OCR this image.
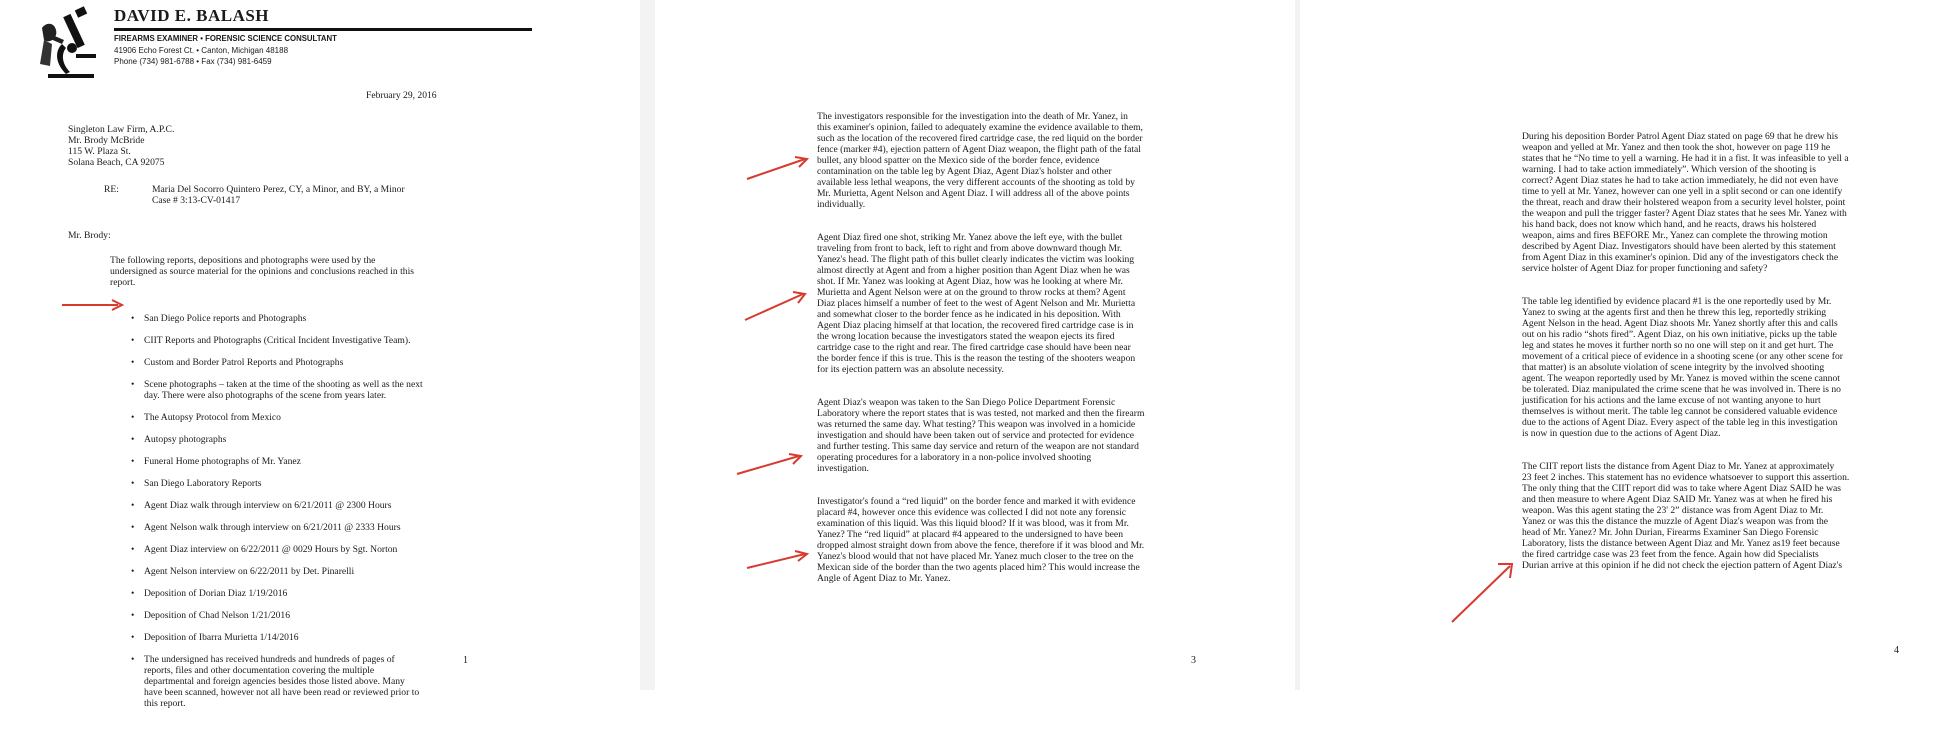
DAVID E. BALASH
FIREARMS EXAMINER • FORENSIC SCIENCE CONSULTANT
41906 Echo Forest Ct. • Canton, Michigan 48188
Phone (734) 981-6788 • Fax (734) 981-6459
February 29, 2016
Singleton Law Firm, A.P.C.
Mr. Brody McBride
115 W. Plaza St.
Solana Beach, CA 92075
RE:	Maria Del Socorro Quintero Perez, CY, a Minor, and BY, a Minor
Case # 3:13-CV-01417
Mr. Brody:
The following reports, depositions and photographs were used by the
undersigned as source material for the opinions and conclusions reached in this
report.

• San Diego Police reports and Photographs

• CIIT Reports and Photographs (Critical Incident Investigative Team).

• Custom and Border Patrol Reports and Photographs

• Scene photographs – taken at the time of the shooting as well as the next
day. There were also photographs of the scene from years later.

• The Autopsy Protocol from Mexico

• Autopsy photographs

• Funeral Home photographs of Mr. Yanez

• San Diego Laboratory Reports

• Agent Diaz walk through interview on 6/21/2011 @ 2300 Hours

• Agent Nelson walk through interview on 6/21/2011 @ 2333 Hours

• Agent Diaz interview on 6/22/2011 @ 0029 Hours by Sgt. Norton

• Agent Nelson interview on 6/22/2011 by Det. Pinarelli

• Deposition of Dorian Diaz 1/19/2016

• Deposition of Chad Nelson 1/21/2016

• Deposition of Ibarra Murietta 1/14/2016

• The undersigned has received hundreds and hundreds of pages of
reports, files and other documentation covering the multiple
departmental and foreign agencies besides those listed above. Many
have been scanned, however not all have been read or reviewed prior to
this report.

1

The investigators responsible for the investigation into the death of Mr. Yanez, in
this examiner's opinion, failed to adequately examine the evidence available to them,
such as the location of the recovered fired cartridge case, the red liquid on the border
fence (marker #4), ejection pattern of Agent Diaz weapon, the flight path of the fatal
bullet, any blood spatter on the Mexico side of the border fence, evidence
contamination on the table leg by Agent Diaz, Agent Diaz's holster and other
available less lethal weapons, the very different accounts of the shooting as told by
Mr. Murietta, Agent Nelson and Agent Diaz. I will address all of the above points
individually.

Agent Diaz fired one shot, striking Mr. Yanez above the left eye, with the bullet
traveling from front to back, left to right and from above downward though Mr.
Yanez's head. The flight path of this bullet clearly indicates the victim was looking
almost directly at Agent and from a higher position than Agent Diaz when he was
shot. If Mr. Yanez was looking at Agent Diaz, how was he looking at where Mr.
Murietta and Agent Nelson were at on the ground to throw rocks at them? Agent
Diaz places himself a number of feet to the west of Agent Nelson and Mr. Murietta
and somewhat closer to the border fence as he indicated in his deposition. With
Agent Diaz placing himself at that location, the recovered fired cartridge case is in
the wrong location because the investigators stated the weapon ejects its fired
cartridge case to the right and rear. The fired cartridge case should have been near
the border fence if this is true. This is the reason the testing of the shooters weapon
for its ejection pattern was an absolute necessity.

Agent Diaz's weapon was taken to the San Diego Police Department Forensic
Laboratory where the report states that is was tested, not marked and then the firearm
was returned the same day. What testing? This weapon was involved in a homicide
investigation and should have been taken out of service and protected for evidence
and further testing. This same day service and return of the weapon are not standard
operating procedures for a laboratory in a non-police involved shooting
investigation.

Investigator's found a “red liquid” on the border fence and marked it with evidence
placard #4, however once this evidence was collected I did not note any forensic
examination of this liquid. Was this liquid blood? If it was blood, was it from Mr.
Yanez? The “red liquid” at placard #4 appeared to the undersigned to have been
dropped almost straight down from above the fence, therefore if it was blood and Mr.
Yanez's blood would that not have placed Mr. Yanez much closer to the tree on the
Mexican side of the border than the two agents placed him? This would increase the
Angle of Agent Diaz to Mr. Yanez.

3

During his deposition Border Patrol Agent Diaz stated on page 69 that he drew his
weapon and yelled at Mr. Yanez and then took the shot, however on page 119 he
states that he “No time to yell a warning. He had it in a fist. It was infeasible to yell a
warning. I had to take action immediately”. Which version of the shooting is
correct? Agent Diaz states he had to take action immediately, he did not even have
time to yell at Mr. Yanez, however can one yell in a split second or can one identify
the threat, reach and draw their holstered weapon from a security level holster, point
the weapon and pull the trigger faster? Agent Diaz states that he sees Mr. Yanez with
his hand back, does not know which hand, and he reacts, draws his holstered
weapon, aims and fires BEFORE Mr., Yanez can complete the throwing motion
described by Agent Diaz. Investigators should have been alerted by this statement
from Agent Diaz in this examiner's opinion. Did any of the investigators check the
service holster of Agent Diaz for proper functioning and safety?

The table leg identified by evidence placard #1 is the one reportedly used by Mr.
Yanez to swing at the agents first and then he threw this leg, reportedly striking
Agent Nelson in the head. Agent Diaz shoots Mr. Yanez shortly after this and calls
out on his radio “shots fired”. Agent Diaz, on his own initiative, picks up the table
leg and states he moves it further north so no one will step on it and get hurt. The
movement of a critical piece of evidence in a shooting scene (or any other scene for
that matter) is an absolute violation of scene integrity by the involved shooting
agent. The weapon reportedly used by Mr. Yanez is moved within the scene cannot
be tolerated. Diaz manipulated the crime scene that he was involved in. There is no
justification for his actions and the lame excuse of not wanting anyone to hurt
themselves is without merit. The table leg cannot be considered valuable evidence
due to the actions of Agent Diaz. Every aspect of the table leg in this investigation
is now in question due to the actions of Agent Diaz.

The CIIT report lists the distance from Agent Diaz to Mr. Yanez at approximately
23 feet 2 inches. This statement has no evidence whatsoever to support this assertion.
The only thing that the CIIT report did was to take where Agent Diaz SAID he was
and then measure to where Agent Diaz SAID Mr. Yanez was at when he fired his
weapon. Was this agent stating the 23' 2” distance was from Agent Diaz to Mr.
Yanez or was this the distance the muzzle of Agent Diaz's weapon was from the
head of Mr. Yanez? Mr. John Durian, Firearms Examiner San Diego Forensic
Laboratory, lists the distance between Agent Diaz and Mr. Yanez as19 feet because
the fired cartridge case was 23 feet from the fence. Again how did Specialists
Durian arrive at this opinion if he did not check the ejection pattern of Agent Diaz's

4
